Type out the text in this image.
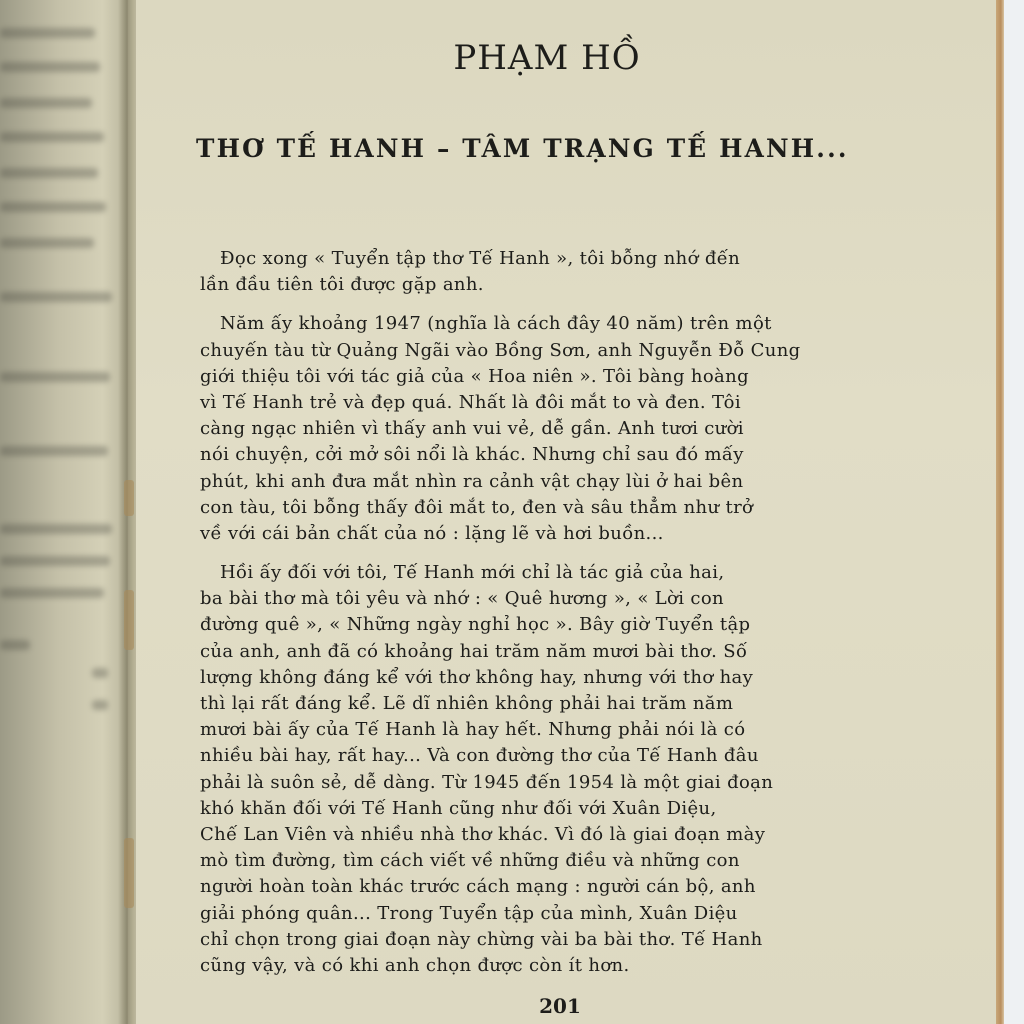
PHẠM HỒ
THƠ TẾ HANH – TÂM TRẠNG TẾ HANH...
Đọc xong « Tuyển tập thơ Tế Hanh », tôi bỗng nhớ đến
lần đầu tiên tôi được gặp anh.
Năm ấy khoảng 1947 (nghĩa là cách đây 40 năm) trên một
chuyến tàu từ Quảng Ngãi vào Bồng Sơn, anh Nguyễn Đỗ Cung
giới thiệu tôi với tác giả của « Hoa niên ». Tôi bàng hoàng
vì Tế Hanh trẻ và đẹp quá. Nhất là đôi mắt to và đen. Tôi
càng ngạc nhiên vì thấy anh vui vẻ, dễ gần. Anh tươi cười
nói chuyện, cởi mở sôi nổi là khác. Nhưng chỉ sau đó mấy
phút, khi anh đưa mắt nhìn ra cảnh vật chạy lùi ở hai bên
con tàu, tôi bỗng thấy đôi mắt to, đen và sâu thẳm như trở
về với cái bản chất của nó : lặng lẽ và hơi buồn...
Hồi ấy đối với tôi, Tế Hanh mới chỉ là tác giả của hai,
ba bài thơ mà tôi yêu và nhớ : « Quê hương », « Lời con
đường quê », « Những ngày nghỉ học ». Bây giờ Tuyển tập
của anh, anh đã có khoảng hai trăm năm mươi bài thơ. Số
lượng không đáng kể với thơ không hay, nhưng với thơ hay
thì lại rất đáng kể. Lẽ dĩ nhiên không phải hai trăm năm
mươi bài ấy của Tế Hanh là hay hết. Nhưng phải nói là có
nhiều bài hay, rất hay... Và con đường thơ của Tế Hanh đâu
phải là suôn sẻ, dễ dàng. Từ 1945 đến 1954 là một giai đoạn
khó khăn đối với Tế Hanh cũng như đối với Xuân Diệu,
Chế Lan Viên và nhiều nhà thơ khác. Vì đó là giai đoạn mày
mò tìm đường, tìm cách viết về những điều và những con
người hoàn toàn khác trước cách mạng : người cán bộ, anh
giải phóng quân... Trong Tuyển tập của mình, Xuân Diệu
chỉ chọn trong giai đoạn này chừng vài ba bài thơ. Tế Hanh
cũng vậy, và có khi anh chọn được còn ít hơn.

201
